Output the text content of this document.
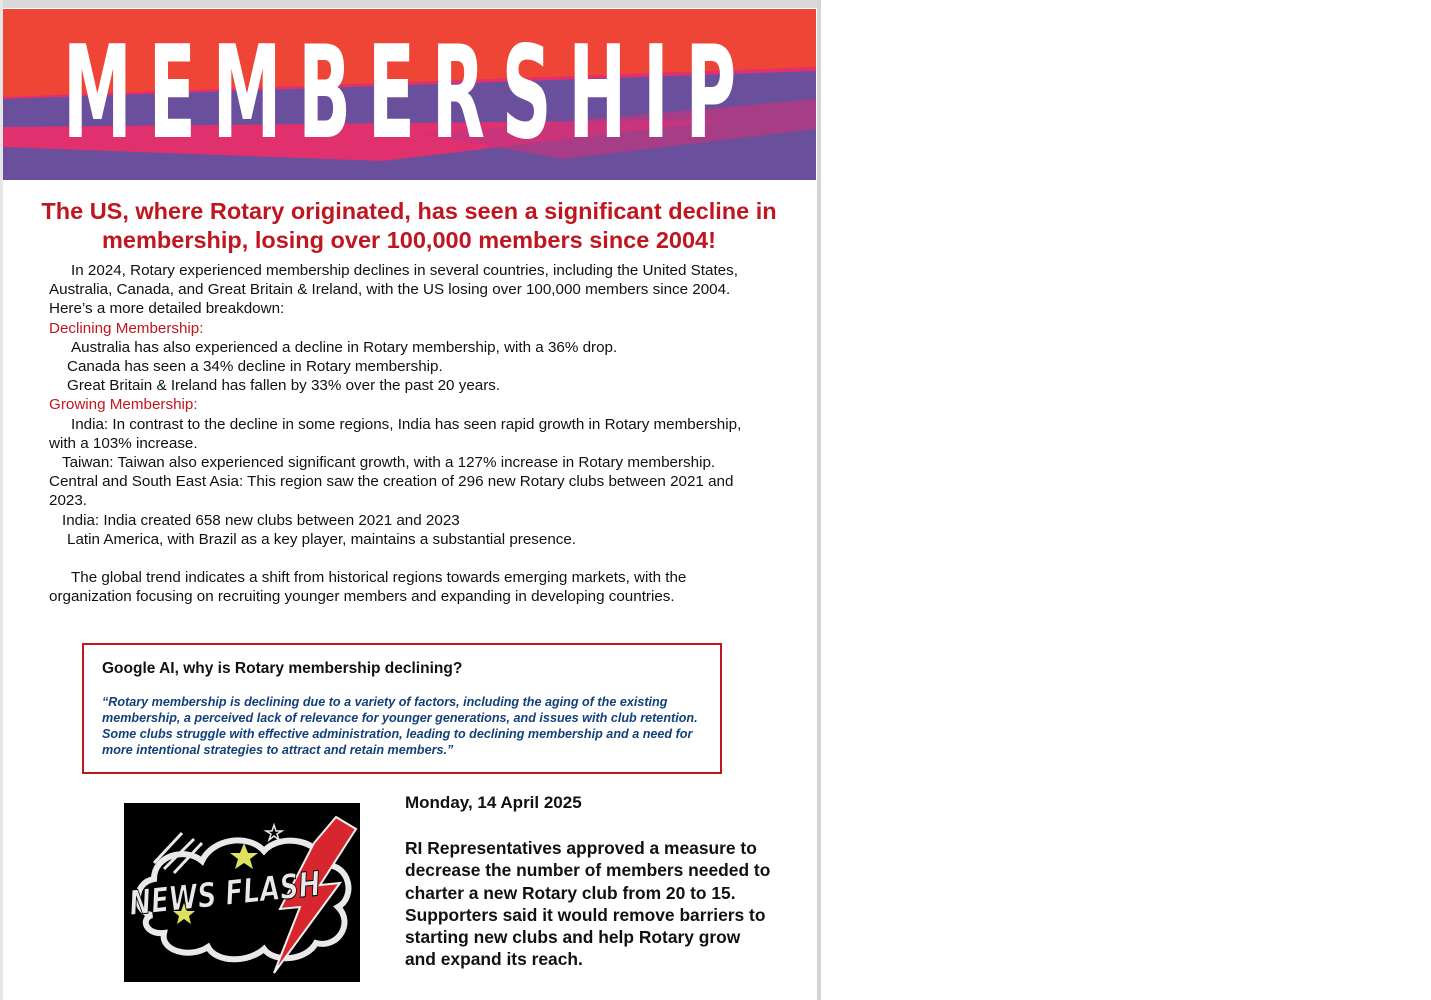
MEMBERSHIP
The US, where Rotary originated, has seen a significant decline in membership, losing over 100,000 members since 2004!

In 2024, Rotary experienced membership declines in several countries, including the United States, Australia, Canada, and Great Britain & Ireland, with the US losing over 100,000 members since 2004.

Here’s a more detailed breakdown:

Declining Membership:

Australia has also experienced a decline in Rotary membership, with a 36% drop.

Canada has seen a 34% decline in Rotary membership.

Great Britain & Ireland has fallen by 33% over the past 20 years.

Growing Membership:

India: In contrast to the decline in some regions, India has seen rapid growth in Rotary membership, with a 103% increase.

Taiwan: Taiwan also experienced significant growth, with a 127% increase in Rotary membership.

Central and South East Asia: This region saw the creation of 296 new Rotary clubs between 2021 and 2023.

India: India created 658 new clubs between 2021 and 2023

Latin America, with Brazil as a key player, maintains a substantial presence.

The global trend indicates a shift from historical regions towards emerging markets, with the organization focusing on recruiting younger members and expanding in developing countries.

Google AI, why is Rotary membership declining?

“Rotary membership is declining due to a variety of factors, including the aging of the existing membership, a perceived lack of relevance for younger generations, and issues with club retention. Some clubs struggle with effective administration, leading to declining membership and a need for more intentional strategies to attract and retain members.”

NEWS FLASH

Monday, 14 April 2025

RI Representatives approved a measure to decrease the number of members needed to charter a new Rotary club from 20 to 15. Supporters said it would remove barriers to starting new clubs and help Rotary grow and expand its reach.
